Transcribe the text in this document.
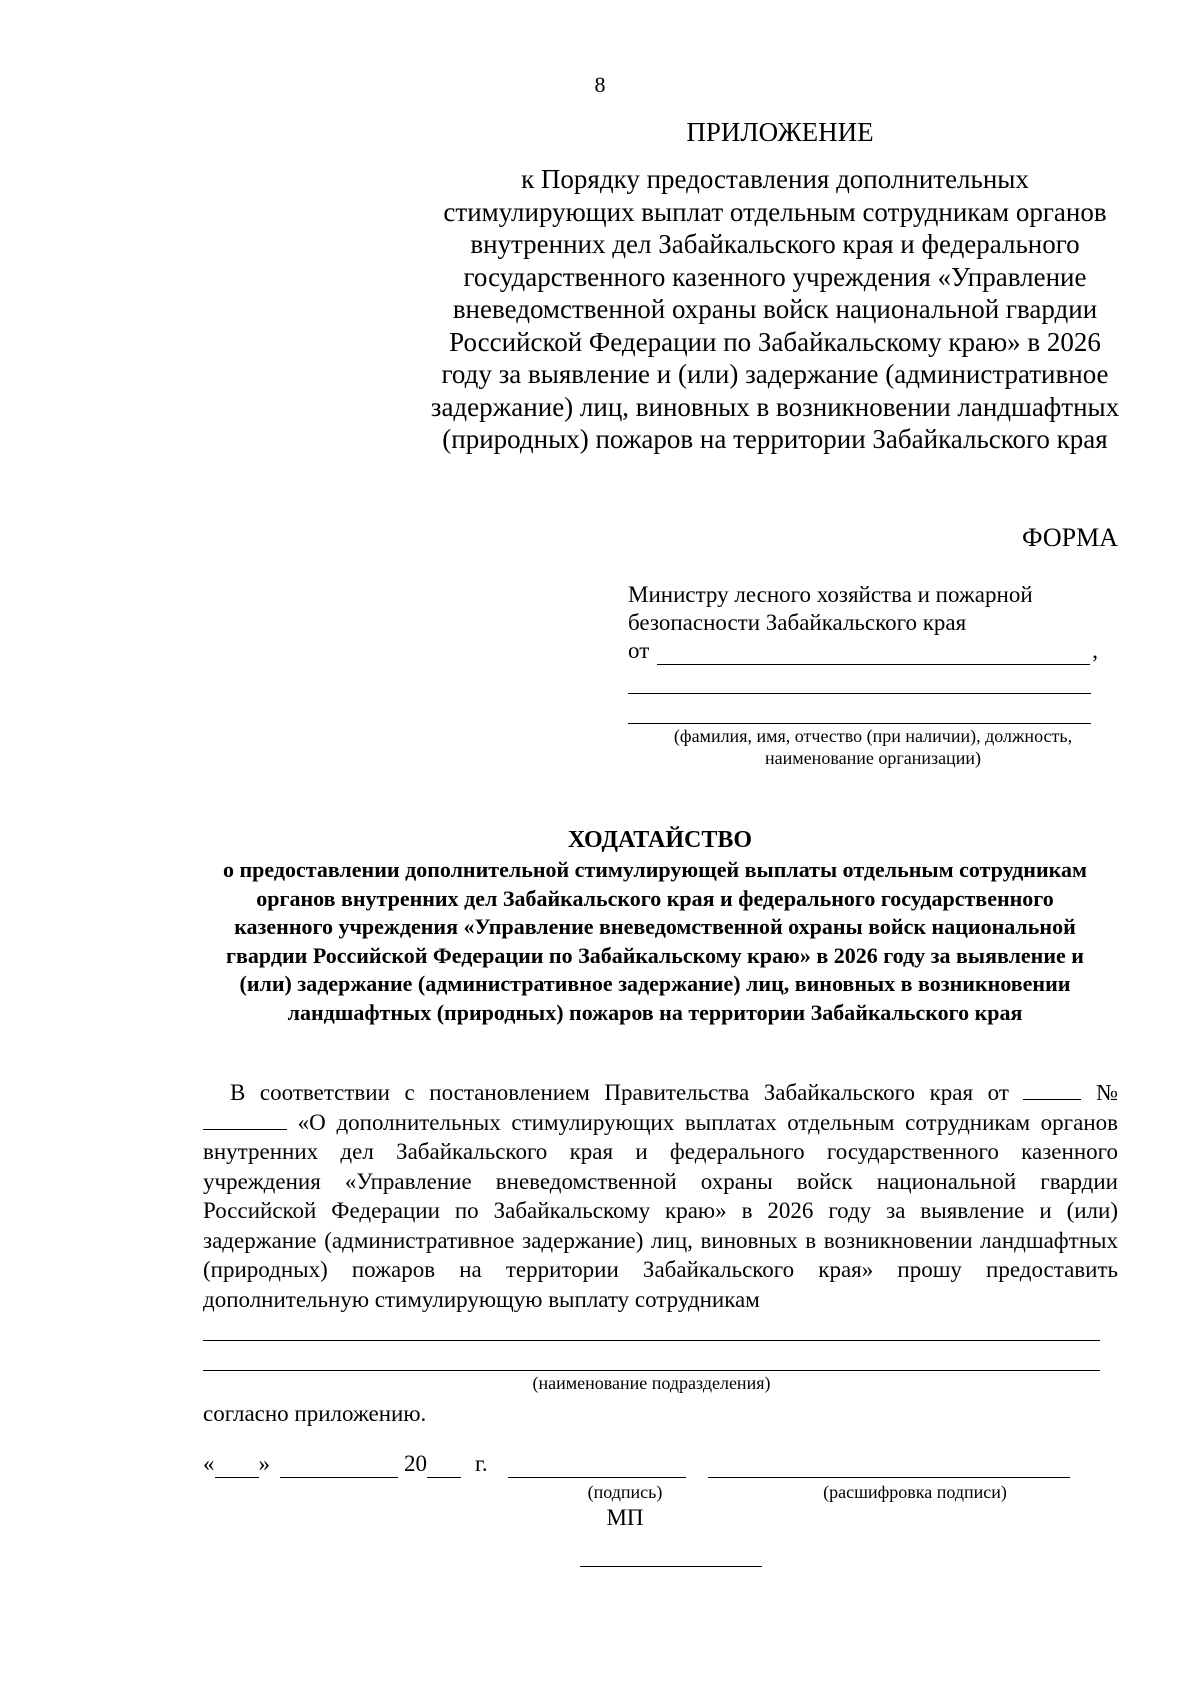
8
ПРИЛОЖЕНИЕ
к Порядку предоставления дополнительных стимулирующих выплат отдельным сотрудникам органов внутренних дел Забайкальского края и федерального государственного казенного учреждения «Управление вневедомственной охраны войск национальной гвардии Российской Федерации по Забайкальскому краю» в 2026 году за выявление и (или) задержание (административное задержание) лиц, виновных в возникновении ландшафтных (природных) пожаров на территории Забайкальского края
ФОРМА
Министру лесного хозяйства и пожарной безопасности Забайкальского края
от	,
(фамилия, имя, отчество (при наличии), должность, наименование организации)
ХОДАТАЙСТВО
о предоставлении дополнительной стимулирующей выплаты отдельным сотрудникам органов внутренних дел Забайкальского края и федерального государственного казенного учреждения «Управление вневедомственной охраны войск национальной гвардии Российской Федерации по Забайкальскому краю» в 2026 году за выявление и (или) задержание (административное задержание) лиц, виновных в возникновении ландшафтных (природных) пожаров на территории Забайкальского края
В соответствии с постановлением Правительства Забайкальского края от	№  «О дополнительных стимулирующих выплатах отдельным сотрудникам органов внутренних дел Забайкальского края и федерального государственного казенного учреждения «Управление вневедомственной охраны войск национальной гвардии Российской Федерации по Забайкальскому краю» в 2026 году за выявление и (или) задержание (административное задержание) лиц, виновных в возникновении ландшафтных (природных) пожаров на территории Забайкальского края» прошу предоставить дополнительную стимулирующую выплату сотрудникам
(наименование подразделения)
согласно приложению.
« »	20 г.
(подпись)	(расшифровка подписи)
МП
